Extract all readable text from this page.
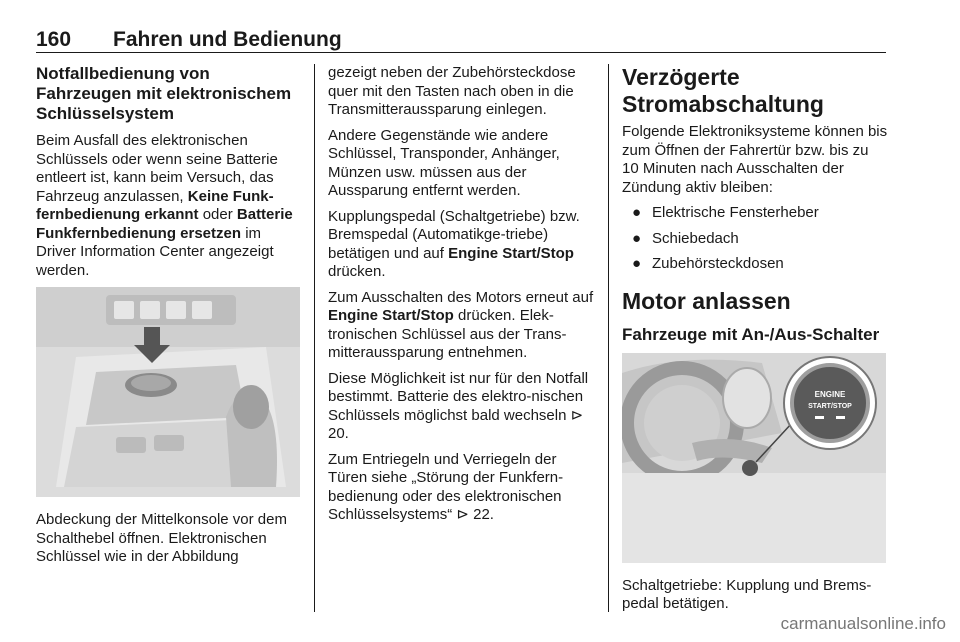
160 Fahren und Bedienung
Notfallbedienung von Fahrzeugen mit elektronischem Schlüsselsystem

Beim Ausfall des elektronischen Schlüssels oder wenn seine Batterie entleert ist, kann beim Versuch, das Fahrzeug anzulassen, Keine Funk-fernbedienung erkannt oder Batterie Funkfernbedienung ersetzen im Driver Information Center angezeigt werden.

Abdeckung der Mittelkonsole vor dem Schalthebel öffnen. Elektronischen Schlüssel wie in der Abbildung

gezeigt neben der Zubehörsteckdose quer mit den Tasten nach oben in die Transmitteraussparung einlegen.

Andere Gegenstände wie andere Schlüssel, Transponder, Anhänger, Münzen usw. müssen aus der Aussparung entfernt werden.

Kupplungspedal (Schaltgetriebe) bzw. Bremspedal (Automatikge-triebe) betätigen und auf Engine Start/Stop drücken.

Zum Ausschalten des Motors erneut auf Engine Start/Stop drücken. Elek-tronischen Schlüssel aus der Trans-mitteraussparung entnehmen.

Diese Möglichkeit ist nur für den Notfall bestimmt. Batterie des elektro-nischen Schlüssels möglichst bald wechseln ⊳ 20.

Zum Entriegeln und Verriegeln der Türen siehe „Störung der Funkfern-bedienung oder des elektronischen Schlüsselsystems“ ⊳ 22.

Verzögerte Stromabschaltung

Folgende Elektroniksysteme können bis zum Öffnen der Fahrertür bzw. bis zu 10 Minuten nach Ausschalten der Zündung aktiv bleiben:

● Elektrische Fensterheber
● Schiebedach
● Zubehörsteckdosen
Motor anlassen
Fahrzeuge mit An-/Aus-Schalter
ENGINE
START/STOP

Schaltgetriebe: Kupplung und Brems-pedal betätigen.

carmanualsonline.info
